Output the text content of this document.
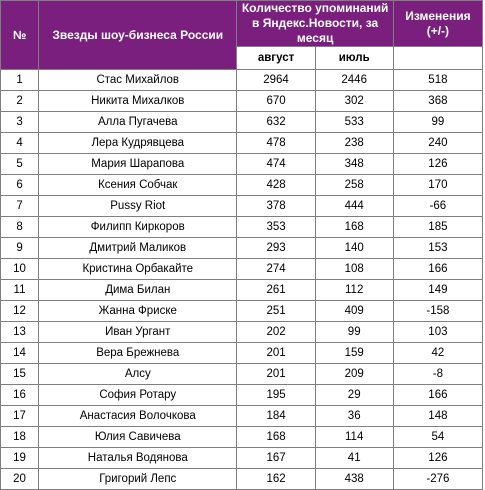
№	Звезды шоу-бизнеса России	Количество упоминаний в Яндекс.Новости, за месяц		Изменения (+/-)
		август	июль	
1	Стас Михайлов	2964	2446	518
2	Никита Михалков	670	302	368
3	Алла Пугачева	632	533	99
4	Лера Кудрявцева	478	238	240
5	Мария Шарапова	474	348	126
6	Ксения Собчак	428	258	170
7	Pussy Riot	378	444	-66
8	Филипп Киркоров	353	168	185
9	Дмитрий Маликов	293	140	153
10	Кристина Орбакайте	274	108	166
11	Дима Билан	261	112	149
12	Жанна Фриске	251	409	-158
13	Иван Ургант	202	99	103
14	Вера Брежнева	201	159	42
15	Алсу	201	209	-8
16	София Ротару	195	29	166
17	Анастасия Волочкова	184	36	148
18	Юлия Савичева	168	114	54
19	Наталья Водянова	167	41	126
20	Григорий Лепс	162	438	-276
